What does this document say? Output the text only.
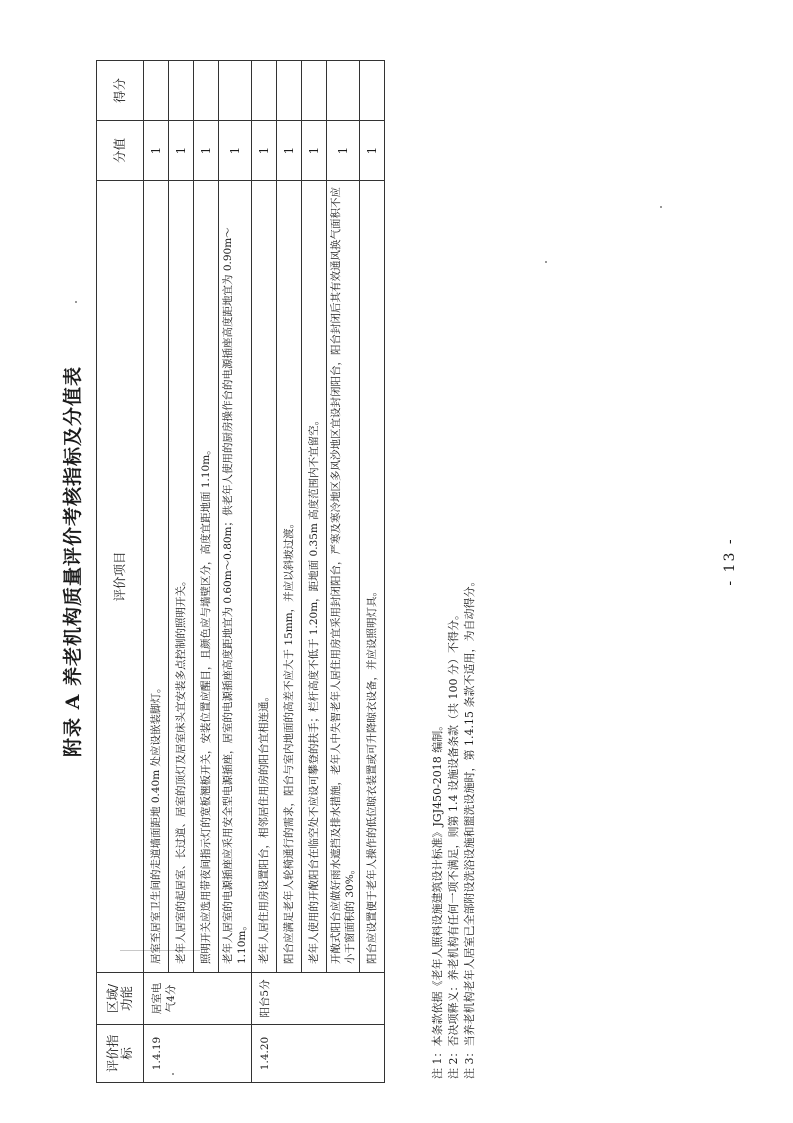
附录 A 养老机构质量评价考核指标及分值表
评价指标	区域/功能	评价项目	分值	得分
1.4.19	居室电气4分	居室至居室卫生间的走道墙面距地 0.40m 处应设嵌装脚灯。	1	
		老年人居室的起居室、长过道、居室的顶灯及居室床头宜安装多点控制的照明开关。	1	
		照明开关应选用带夜间指示灯的宽板翘板开关，安装位置应醒目，且颜色应与墙壁区分，高度宜距地面 1.10m。	1	
		老年人居室的电源插座应采用安全型电源插座，居室的电源插座高度距地宜为 0.60m～0.80m；供老年人使用的厨房操作台的电源插座高度距地宜为 0.90m～1.10m。	1	
1.4.20	阳台5分	老年人居住用房设置阳台，相邻居住用房的阳台宜相连通。	1	
		阳台应满足老年人轮椅通行的需求，阳台与室内地面的高差不应大于 15mm，并应以斜坡过渡。	1	
		老年人使用的开敞阳台在临空处不应设可攀登的扶手；栏杆高度不低于 1.20m，距地面 0.35m 高度范围内不宜留空。	1	
		开敞式阳台应做好雨水遮挡及排水措施，老年人中失智老年人居住用房宜采用封闭阳台，严寒及寒冷地区多风沙地区宜设封闭阳台，阳台封闭后其有效通风换气面积不应小于窗面积的 30%。	1	
		阳台应设置便于老年人操作的低位晾衣装置或可升降晾衣设备，并应设照明灯具。	1	
注 1：本条款依据《老年人照料设施建筑设计标准》JGJ450-2018 编制。 注 2：否决项释义：养老机构有任何一项不满足，则第 1.4 设施设备条款（共 100 分）不得分。 注 3：当养老机构老年人居室已全部附设洗浴设施和盥洗设施时，第 1.4.15 条款不适用，为自动得分。
- 13 -
